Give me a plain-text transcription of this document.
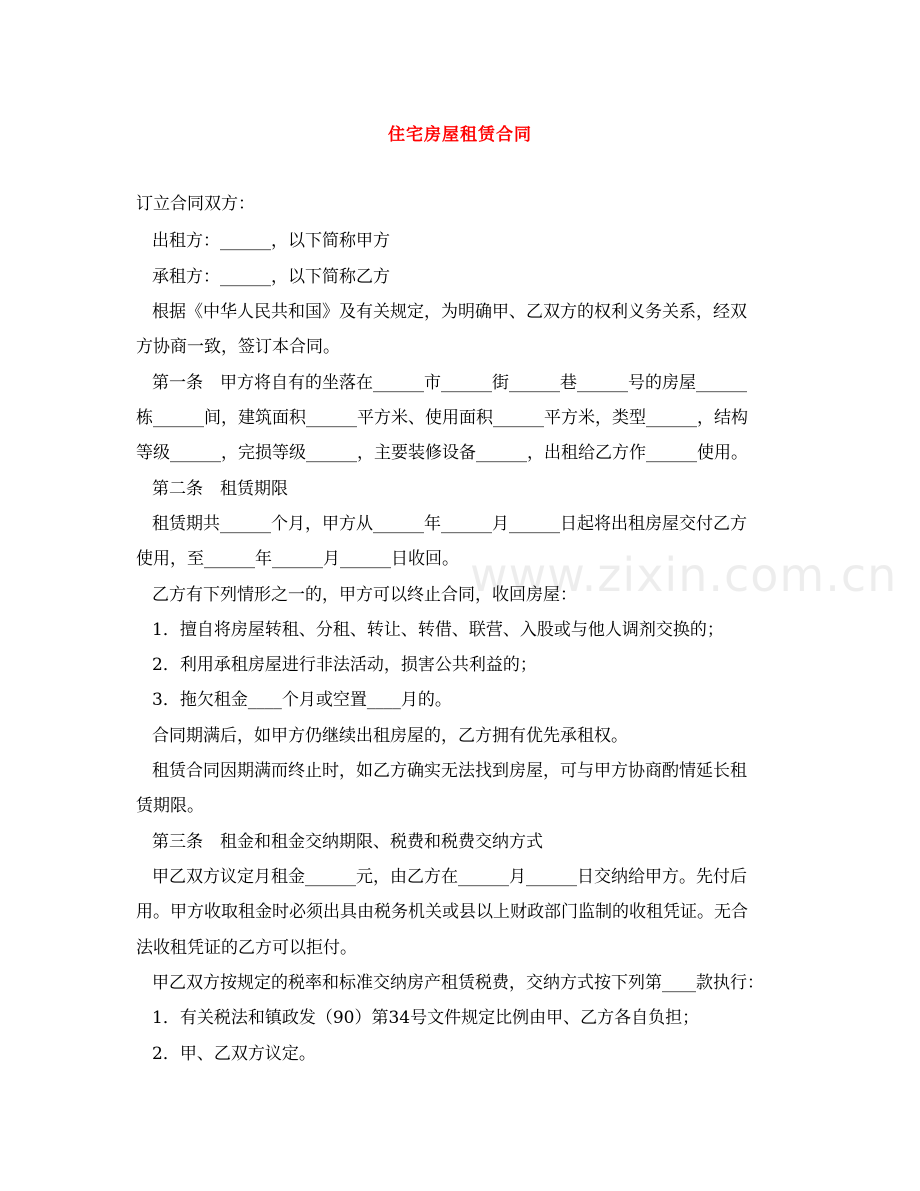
住宅房屋租赁合同
www.zixin.com.cn
订立合同双方：
出租方：______，以下简称甲方
承租方：______，以下简称乙方
根据《中华人民共和国》及有关规定，为明确甲、乙双方的权利义务关系，经双
方协商一致，签订本合同。
第一条　甲方将自有的坐落在______市______街______巷______号的房屋______
栋______间，建筑面积______平方米、使用面积______平方米，类型______，结构
等级______，完损等级______，主要装修设备______，出租给乙方作______使用。
第二条　租赁期限
租赁期共______个月，甲方从______年______月______日起将出租房屋交付乙方
使用，至______年______月______日收回。
乙方有下列情形之一的，甲方可以终止合同，收回房屋：
1．擅自将房屋转租、分租、转让、转借、联营、入股或与他人调剂交换的；
2．利用承租房屋进行非法活动，损害公共利益的；
3．拖欠租金____个月或空置____月的。
合同期满后，如甲方仍继续出租房屋的，乙方拥有优先承租权。
租赁合同因期满而终止时，如乙方确实无法找到房屋，可与甲方协商酌情延长租
赁期限。
第三条　租金和租金交纳期限、税费和税费交纳方式
甲乙双方议定月租金______元，由乙方在______月______日交纳给甲方。先付后
用。甲方收取租金时必须出具由税务机关或县以上财政部门监制的收租凭证。无合
法收租凭证的乙方可以拒付。
甲乙双方按规定的税率和标准交纳房产租赁税费，交纳方式按下列第____款执行：
1．有关税法和镇政发（90）第34号文件规定比例由甲、乙方各自负担；
2．甲、乙双方议定。
